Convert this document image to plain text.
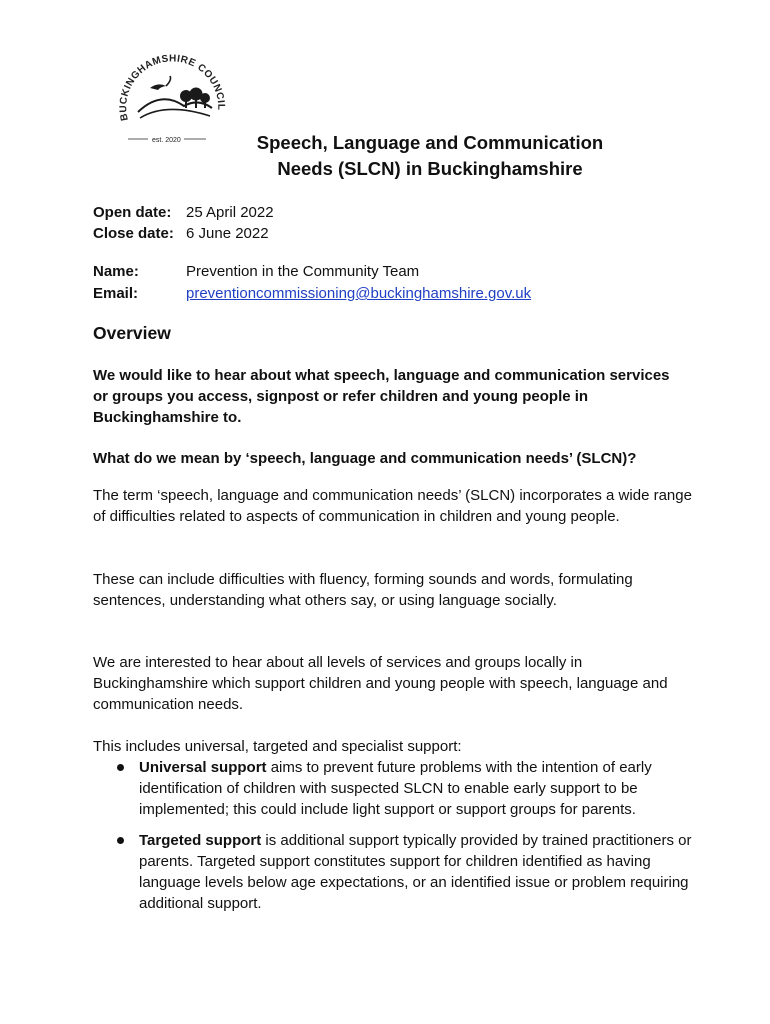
BUCKINGHAMSHIRE COUNCIL
est. 2020	Speech, Language and Communication
Needs (SLCN) in Buckinghamshire
Open date: 25 April 2022
Close date: 6 June 2022
Name:	Prevention in the Community Team
Email:	preventioncommissioning@buckinghamshire.gov.uk
Overview

We would like to hear about what speech, language and communication services or groups you access, signpost or refer children and young people in Buckinghamshire to.

What do we mean by ‘speech, language and communication needs’ (SLCN)?

The term ‘speech, language and communication needs’ (SLCN) incorporates a wide range of difficulties related to aspects of communication in children and young people.

These can include difficulties with fluency, forming sounds and words, formulating sentences, understanding what others say, or using language socially.

We are interested to hear about all levels of services and groups locally in Buckinghamshire which support children and young people with speech, language and communication needs.

This includes universal, targeted and specialist support:

Universal support aims to prevent future problems with the intention of early identification of children with suspected SLCN to enable early support to be implemented; this could include light support or support groups for parents.
Targeted support is additional support typically provided by trained practitioners or parents. Targeted support constitutes support for children identified as having language levels below age expectations, or an identified issue or problem requiring additional support.
